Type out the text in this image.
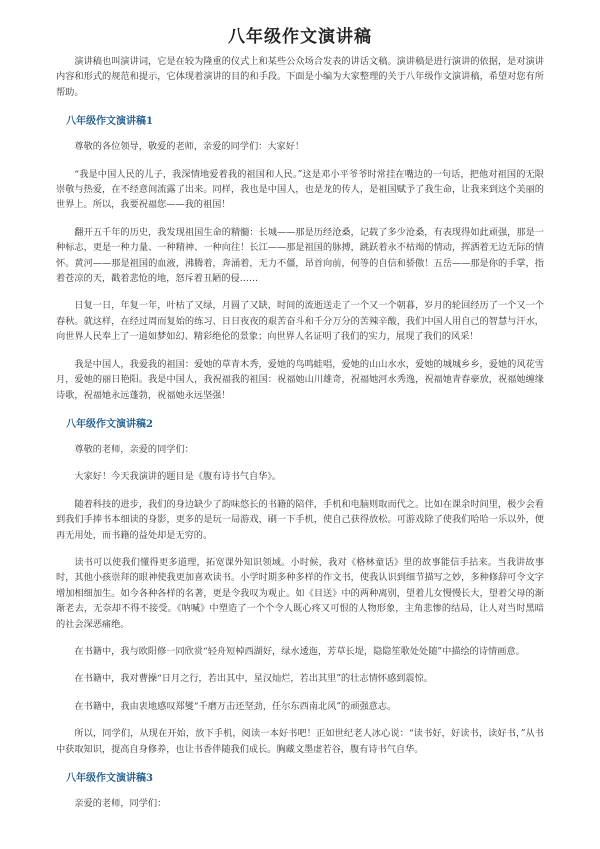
八年级作文演讲稿

演讲稿也叫演讲词，它是在较为隆重的仪式上和某些公众场合发表的讲话文稿。演讲稿是进行演讲的依据，是对演讲内容和形式的规范和提示，它体现着演讲的目的和手段。下面是小编为大家整理的关于八年级作文演讲稿，希望对您有所帮助。

八年级作文演讲稿1

尊敬的各位领导，敬爱的老师，亲爱的同学们：大家好！

“我是中国人民的儿子，我深情地爱着我的祖国和人民。”这是邓小平爷爷时常挂在嘴边的一句话，把他对祖国的无限崇敬与热爱，在不经意间流露了出来。同样，我也是中国人，也是龙的传人，是祖国赋予了我生命，让我来到这个美丽的世界上。所以，我要祝福您——我的祖国！

翻开五千年的历史，我发现祖国生命的精髓：长城——那是历经沧桑，记载了多少沧桑，有表现得如此顽强，那是一种标志，更是一种力量、一种精神、一种向往！长江——那是祖国的脉搏，跳跃着永不枯竭的情动，挥洒着无边无际的情怀。黄河——那是祖国的血液，沸腾着，奔涌着，无力不僵，昂首向前，何等的自信和骄傲！五岳——那是你的手掌，指着苍凉的天，戳着悲怆的地，怒斥着丑陋的侵……

日复一日，年复一年，叶枯了又绿，月圆了又缺，时间的流逝送走了一个又一个朝暮，岁月的轮回经历了一个又一个春秋。就这样，在经过周而复始的练习、日日夜夜的艰苦奋斗和千分万分的苦辣辛酸，我们中国人用自己的智慧与汗水，向世界人民奉上了一道如梦如幻、精彩绝伦的景象；向世界人名证明了我们的实力，展现了我们的风采！

我是中国人，我爱我的祖国：爱她的草青木秀，爱她的鸟鸣蛙唱，爱她的山山水水，爱她的城城乡乡，爱她的风花雪月，爱她的丽日艳阳。我是中国人，我祝福我的祖国：祝福她山川雄奇，祝福她河水秀逸，祝福她青春豪放，祝福她缠缘诗歌，祝福她永远蓬勃，祝福她永远坚强！

八年级作文演讲稿2

尊敬的老师，亲爱的同学们：

大家好！今天我演讲的题目是《腹有诗书气自华》。

随着科技的进步，我们的身边缺少了韵味悠长的书籍的陪伴，手机和电脑则取而代之。比如在课余时间里，极少会看到我们手捧书本细读的身影，更多的是玩一局游戏，刷一下手机，使自己获得放松。可游戏除了使我们哈哈一乐以外，便再无用处，而书籍的益处却是无穷的。

读书可以使我们懂得更多道理，拓宽课外知识领域。小时候，我对《格林童话》里的故事能信手拈来。当我讲故事时，其他小孩崇拜的眼神使我更加喜欢读书。小学时期多种多样的作文书，使我认识到细节描写之妙，多种修辞可令文字增加相细加生。如今各种各样的名著，更是令我叹为观止。如《目送》中的两种离别，望着儿女慢慢长大，望着父母的渐渐老去，无奈却不得不接受。《呐喊》中塑造了一个个令人既心疼又可恨的人物形象，主角悲惨的结局，让人对当时黑暗的社会深恶痛绝。

在书籍中，我与欧阳修一同欣赏“轻舟短棹西湖好，绿水逶迤，芳草长堤，隐隐笙歌处处随”中描绘的诗情画意。

在书籍中，我对曹操“日月之行，若出其中，星汉灿烂，若出其里”的壮志情怀感到震惊。

在书籍中，我由衷地感叹郑燮“千磨万击还坚劲，任尔东西南北风”的顽强意志。

所以，同学们，从现在开始，放下手机，阅读一本好书吧！正如世纪老人冰心说：“读书好，好读书，读好书，”从书中获取知识，提高自身修养，也让书香伴随我们成长。胸藏文墨虚若谷，腹有诗书气自华。

八年级作文演讲稿3

亲爱的老师，同学们：
